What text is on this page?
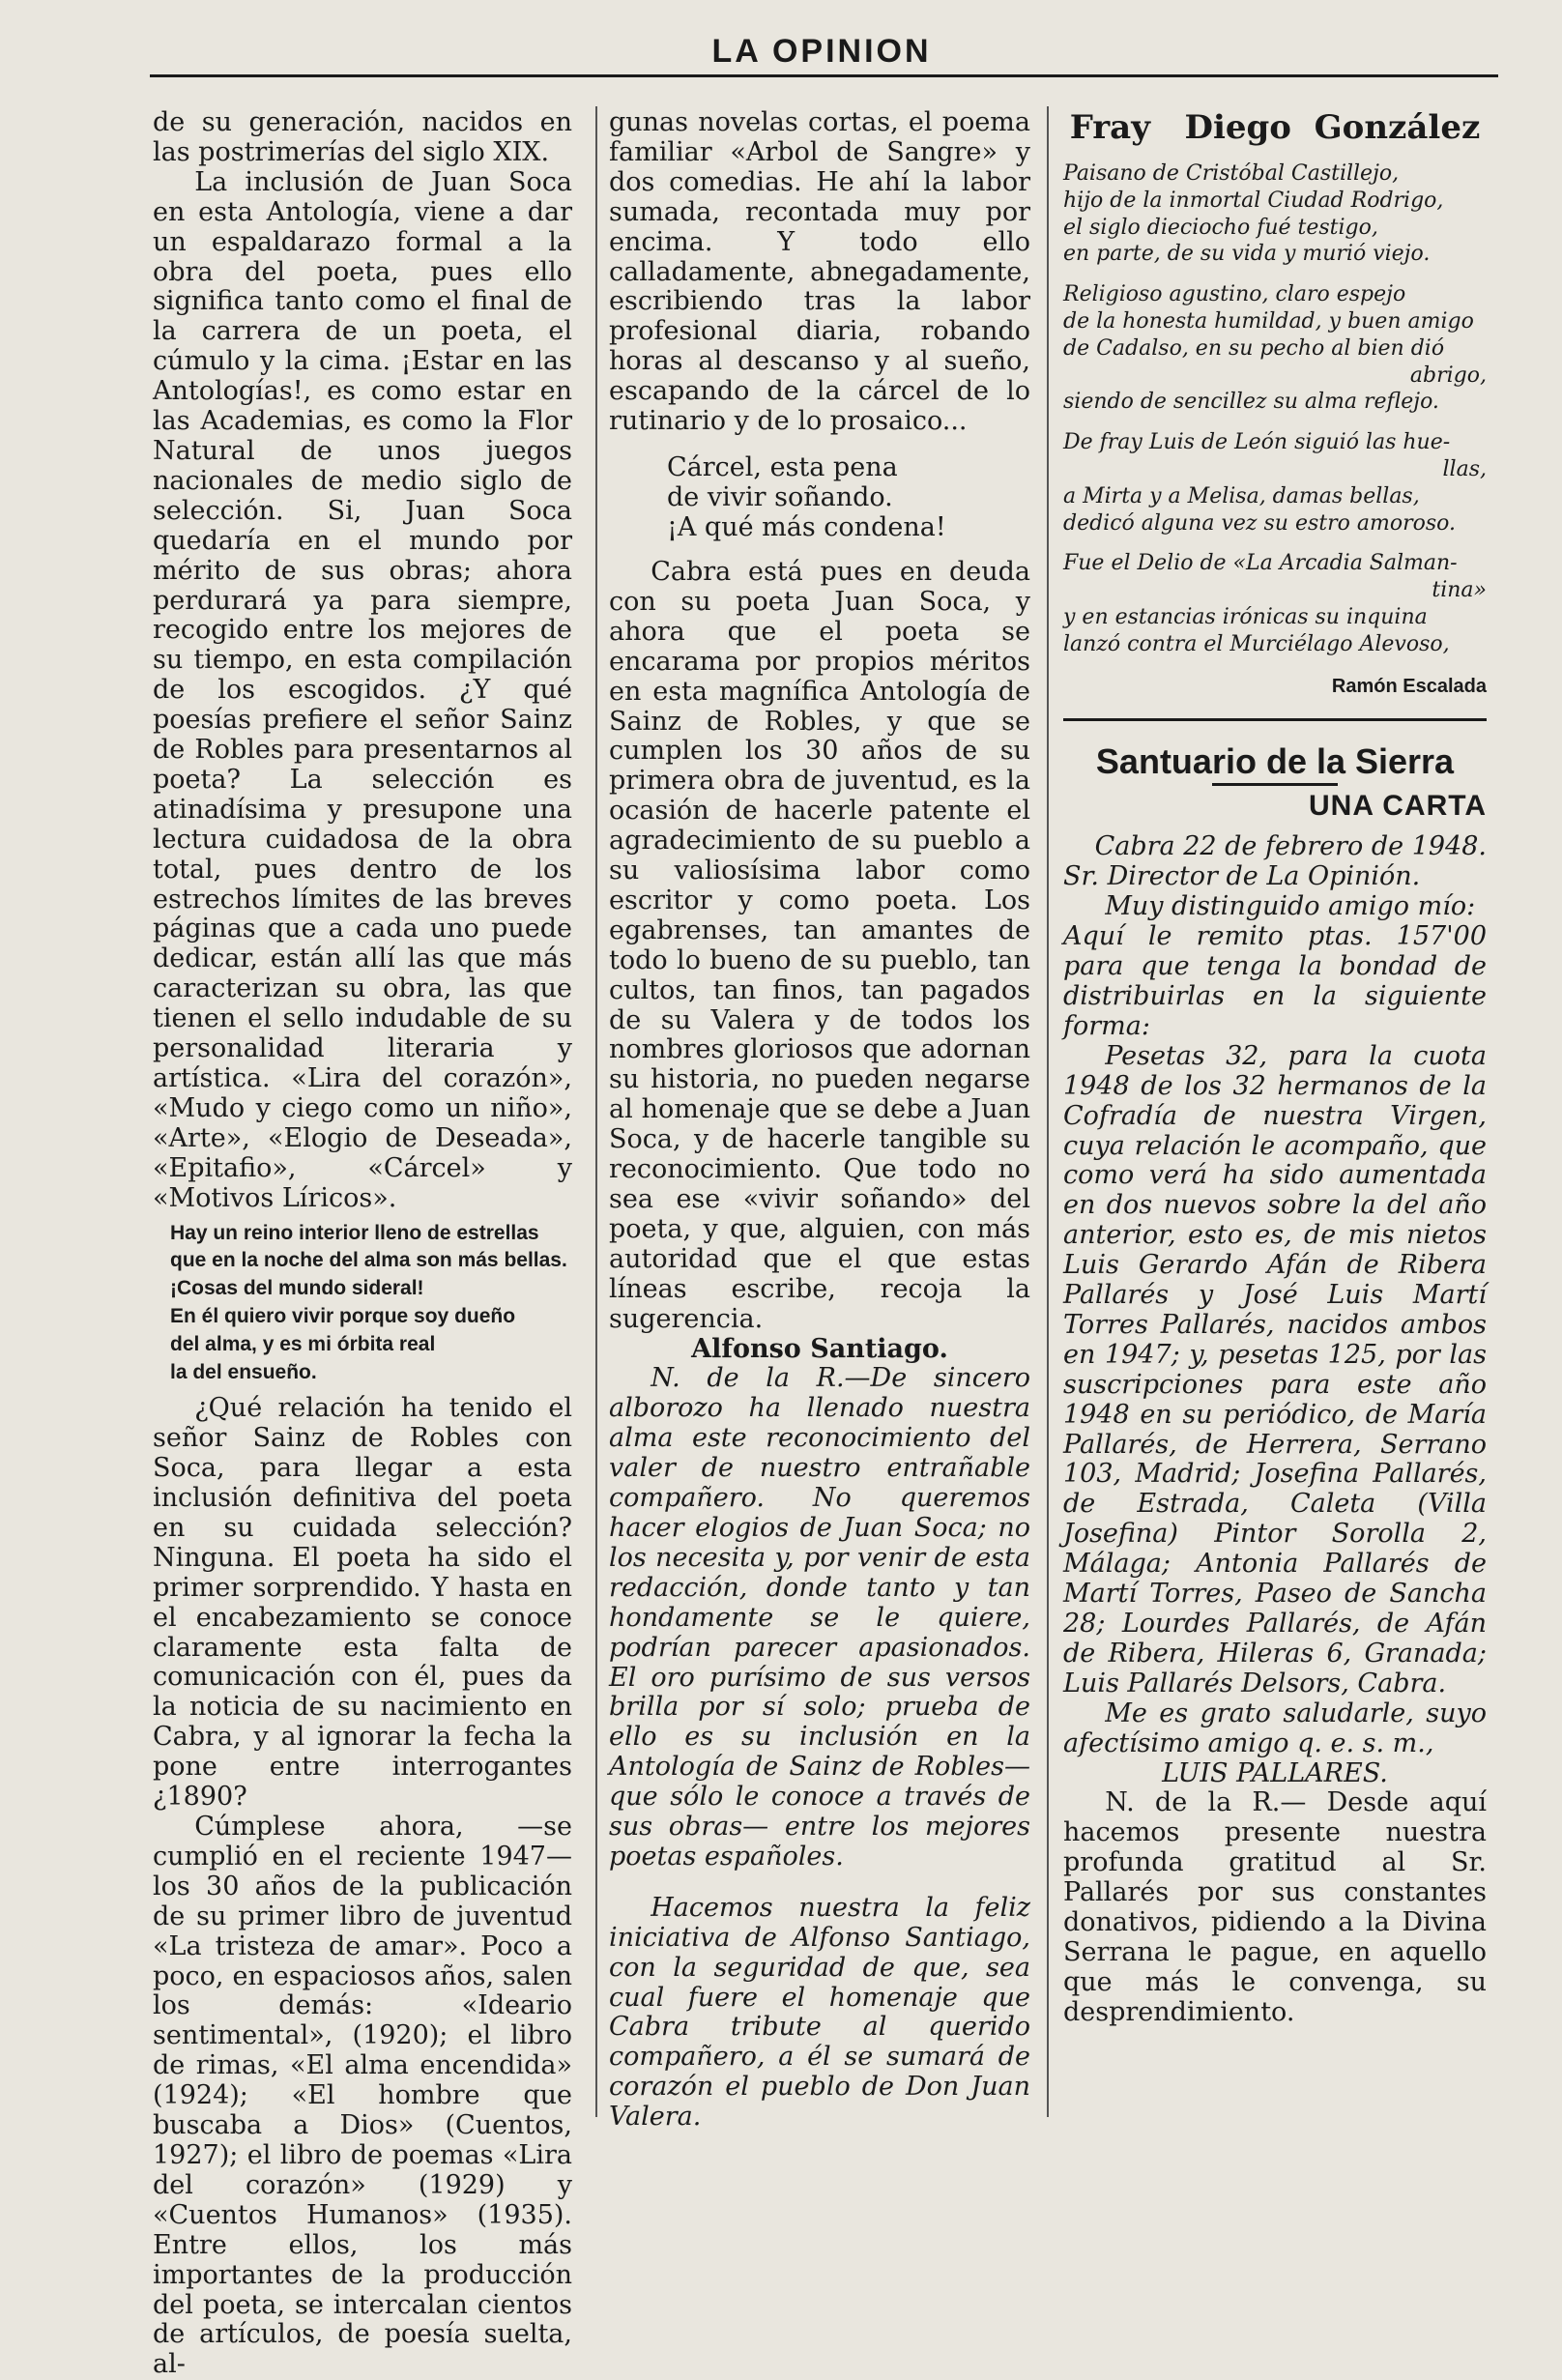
LA OPINION

de su generación, nacidos en las postrimerías del siglo XIX.

La inclusión de Juan Soca en esta Antología, viene a dar un espaldarazo formal a la obra del poeta, pues ello significa tanto como el final de la carrera de un poeta, el cúmulo y la cima. ¡Estar en las Antologías!, es como estar en las Academias, es como la Flor Natural de unos juegos nacionales de medio siglo de selección. Si, Juan Soca quedaría en el mundo por mérito de sus obras; ahora perdurará ya para siempre, recogido entre los mejores de su tiempo, en esta compilación de los escogidos. ¿Y qué poesías prefiere el señor Sainz de Robles para presentarnos al poeta? La selección es atinadísima y presupone una lectura cuidadosa de la obra total, pues dentro de los estrechos límites de las breves páginas que a cada uno puede dedicar, están allí las que más caracterizan su obra, las que tienen el sello indudable de su personalidad literaria y artística. «Lira del corazón», «Mudo y ciego como un niño», «Arte», «Elogio de Deseada», «Epitafio», «Cárcel» y «Motivos Líricos».

Hay un reino interior lleno de estrellas
que en la noche del alma son más bellas.
¡Cosas del mundo sideral!
En él quiero vivir porque soy dueño
del alma, y es mi órbita real
la del ensueño.

¿Qué relación ha tenido el señor Sainz de Robles con Soca, para llegar a esta inclusión definitiva del poeta en su cuidada selección? Ninguna. El poeta ha sido el primer sorprendido. Y hasta en el encabezamiento se conoce claramente esta falta de comunicación con él, pues da la noticia de su nacimiento en Cabra, y al ignorar la fecha la pone entre interrogantes ¿1890?

Cúmplese ahora, —se cumplió en el reciente 1947— los 30 años de la publicación de su primer libro de juventud «La tristeza de amar». Poco a poco, en espaciosos años, salen los demás: «Ideario sentimental», (1920); el libro de rimas, «El alma encendida» (1924); «El hombre que buscaba a Dios» (Cuentos, 1927); el libro de poemas «Lira del corazón» (1929) y «Cuentos Humanos» (1935). Entre ellos, los más importantes de la producción del poeta, se intercalan cientos de artículos, de poesía suelta, al-

gunas novelas cortas, el poema familiar «Arbol de Sangre» y dos comedias. He ahí la labor sumada, recontada muy por encima. Y todo ello calladamente, abnegadamente, escribiendo tras la labor profesional diaria, robando horas al descanso y al sueño, escapando de la cárcel de lo rutinario y de lo prosaico...

Cárcel, esta pena
de vivir soñando.
¡A qué más condena!

Cabra está pues en deuda con su poeta Juan Soca, y ahora que el poeta se encarama por propios méritos en esta magnífica Antología de Sainz de Robles, y que se cumplen los 30 años de su primera obra de juventud, es la ocasión de hacerle patente el agradecimiento de su pueblo a su valiosísima labor como escritor y como poeta. Los egabrenses, tan amantes de todo lo bueno de su pueblo, tan cultos, tan finos, tan pagados de su Valera y de todos los nombres gloriosos que adornan su historia, no pueden negarse al homenaje que se debe a Juan Soca, y de hacerle tangible su reconocimiento. Que todo no sea ese «vivir soñando» del poeta, y que, alguien, con más autoridad que el que estas líneas escribe, recoja la sugerencia.

Alfonso Santiago.

N. de la R.—De sincero alborozo ha llenado nuestra alma este reconocimiento del valer de nuestro entrañable compañero. No queremos hacer elogios de Juan Soca; no los necesita y, por venir de esta redacción, donde tanto y tan hondamente se le quiere, podrían parecer apasionados. El oro purísimo de sus versos brilla por sí solo; prueba de ello es su inclusión en la Antología de Sainz de Robles—que sólo le conoce a través de sus obras— entre los mejores poetas españoles.

Hacemos nuestra la feliz iniciativa de Alfonso Santiago, con la seguridad de que, sea cual fuere el homenaje que Cabra tribute al querido compañero, a él se sumará de corazón el pueblo de Don Juan Valera.

Fray   Diego  González
Paisano de Cristóbal Castillejo,
hijo de la inmortal Ciudad Rodrigo,
el siglo dieciocho fué testigo,
en parte, de su vida y murió viejo.
Religioso agustino, claro espejo
de la honesta humildad, y buen amigo
de Cadalso, en su pecho al bien dió
abrigo,
siendo de sencillez su alma reflejo.
De fray Luis de León siguió las hue-
llas,
a Mirta y a Melisa, damas bellas,
dedicó alguna vez su estro amoroso.
Fue el Delio de «La Arcadia Salman-
tina»
y en estancias irónicas su inquina
lanzó contra el Murciélago Alevoso,
Ramón Escalada
Santuario de la Sierra
UNA CARTA

Cabra 22 de febrero de 1948.

Sr. Director de La Opinión.

Muy distinguido amigo mío:

Aquí le remito ptas. 157'00 para que tenga la bondad de distribuirlas en la siguiente forma:

Pesetas 32, para la cuota 1948 de los 32 hermanos de la Cofradía de nuestra Virgen, cuya relación le acompaño, que como verá ha sido aumentada en dos nuevos sobre la del año anterior, esto es, de mis nietos Luis Gerardo Afán de Ribera Pallarés y José Luis Martí Torres Pallarés, nacidos ambos en 1947; y, pesetas 125, por las suscripciones para este año 1948 en su periódico, de María Pallarés, de Herrera, Serrano 103, Madrid; Josefina Pallarés, de Estrada, Caleta (Villa Josefina) Pintor Sorolla 2, Málaga; Antonia Pallarés de Martí Torres, Paseo de Sancha 28; Lourdes Pallarés, de Afán de Ribera, Hileras 6, Granada; Luis Pallarés Delsors, Cabra.

Me es grato saludarle, suyo afectísimo amigo q. e. s. m.,

LUIS PALLARES.

N. de la R.— Desde aquí hacemos presente nuestra profunda gratitud al Sr. Pallarés por sus constantes donativos, pidiendo a la Divina Serrana le pague, en aquello que más le convenga, su desprendimiento.
